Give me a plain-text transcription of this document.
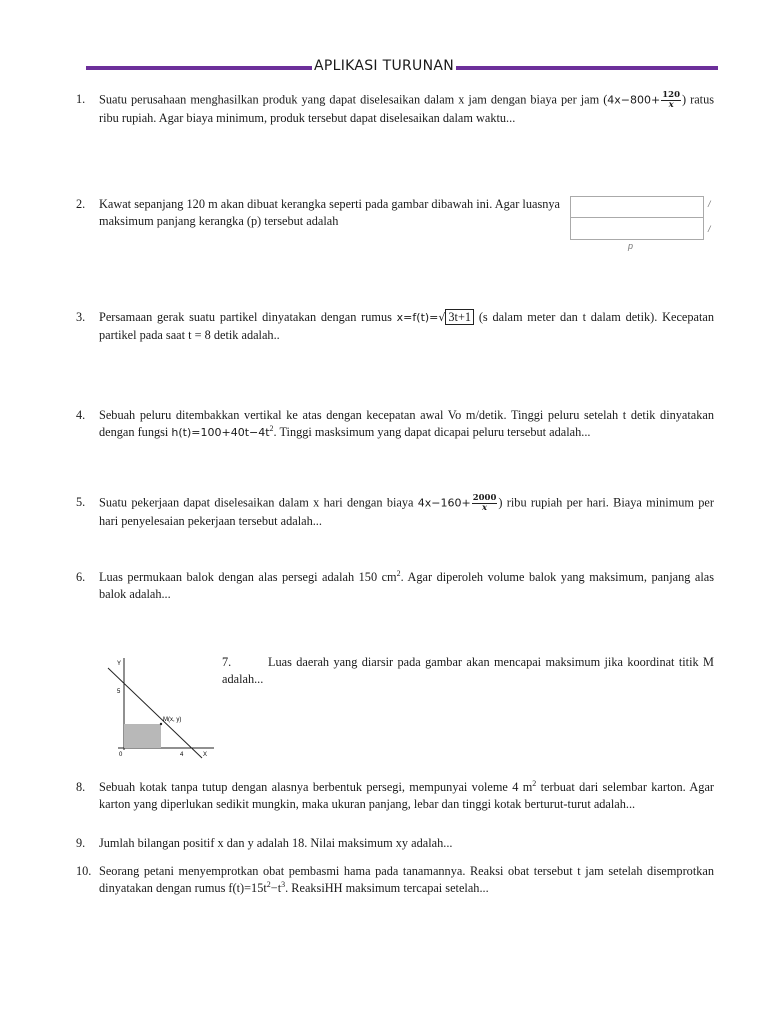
APLIKASI TURUNAN
1. Suatu perusahaan menghasilkan produk yang dapat diselesaikan dalam x jam dengan biaya per jam ($4x-800+ \frac{120}{x}$ ) ratus ribu rupiah. Agar biaya minimum, produk tersebut dapat diselesaikan dalam waktu...
2. Kawat sepanjang 120 m akan dibuat kerangka seperti pada gambar dibawah ini. Agar luasnya maksimum panjang kerangka (p) tersebut adalah
/
/
p
3. Persamaan gerak suatu partikel dinyatakan dengan rumus x=f(t)=√ 3t+1 (s dalam meter dan t dalam detik). Kecepatan partikel pada saat t = 8 detik adalah..
4. Sebuah peluru ditembakkan vertikal ke atas dengan kecepatan awal Vo m/detik. Tinggi peluru setelah t detik dinyatakan dengan fungsi $h(t)=100+40t-4t^2$. Tinggi masksimum yang dapat dicapai peluru tersebut adalah...
5. Suatu pekerjaan dapat diselesaikan dalam x hari dengan biaya $4x-160+ \frac{2000}{x}$ ) ribu rupiah per hari. Biaya minimum per hari penyelesaian pekerjaan tersebut adalah...
6. Luas permukaan balok dengan alas persegi adalah 150 $cm^2$. Agar diperoleh volume balok yang maksimum, panjang alas balok adalah...
7.	Luas daerah yang diarsir pada gambar akan mencapai maksimum jika koordinat titik M adalah...
Y
X
5
4
0
M(x, y)
8. Sebuah kotak tanpa tutup dengan alasnya berbentuk persegi, mempunyai voleme 4 $m^2$ terbuat dari selembar karton. Agar karton yang diperlukan sedikit mungkin, maka ukuran panjang, lebar dan tinggi kotak berturut-turut adalah...
9. Jumlah bilangan positif x dan y adalah 18. Nilai maksimum xy adalah...
10. Seorang petani menyemprotkan obat pembasmi hama pada tanamannya. Reaksi obat tersebut t jam setelah disemprotkan dinyatakan dengan rumus $f(t)=15t^2-t^3$. ReaksiHH maksimum tercapai setelah...
